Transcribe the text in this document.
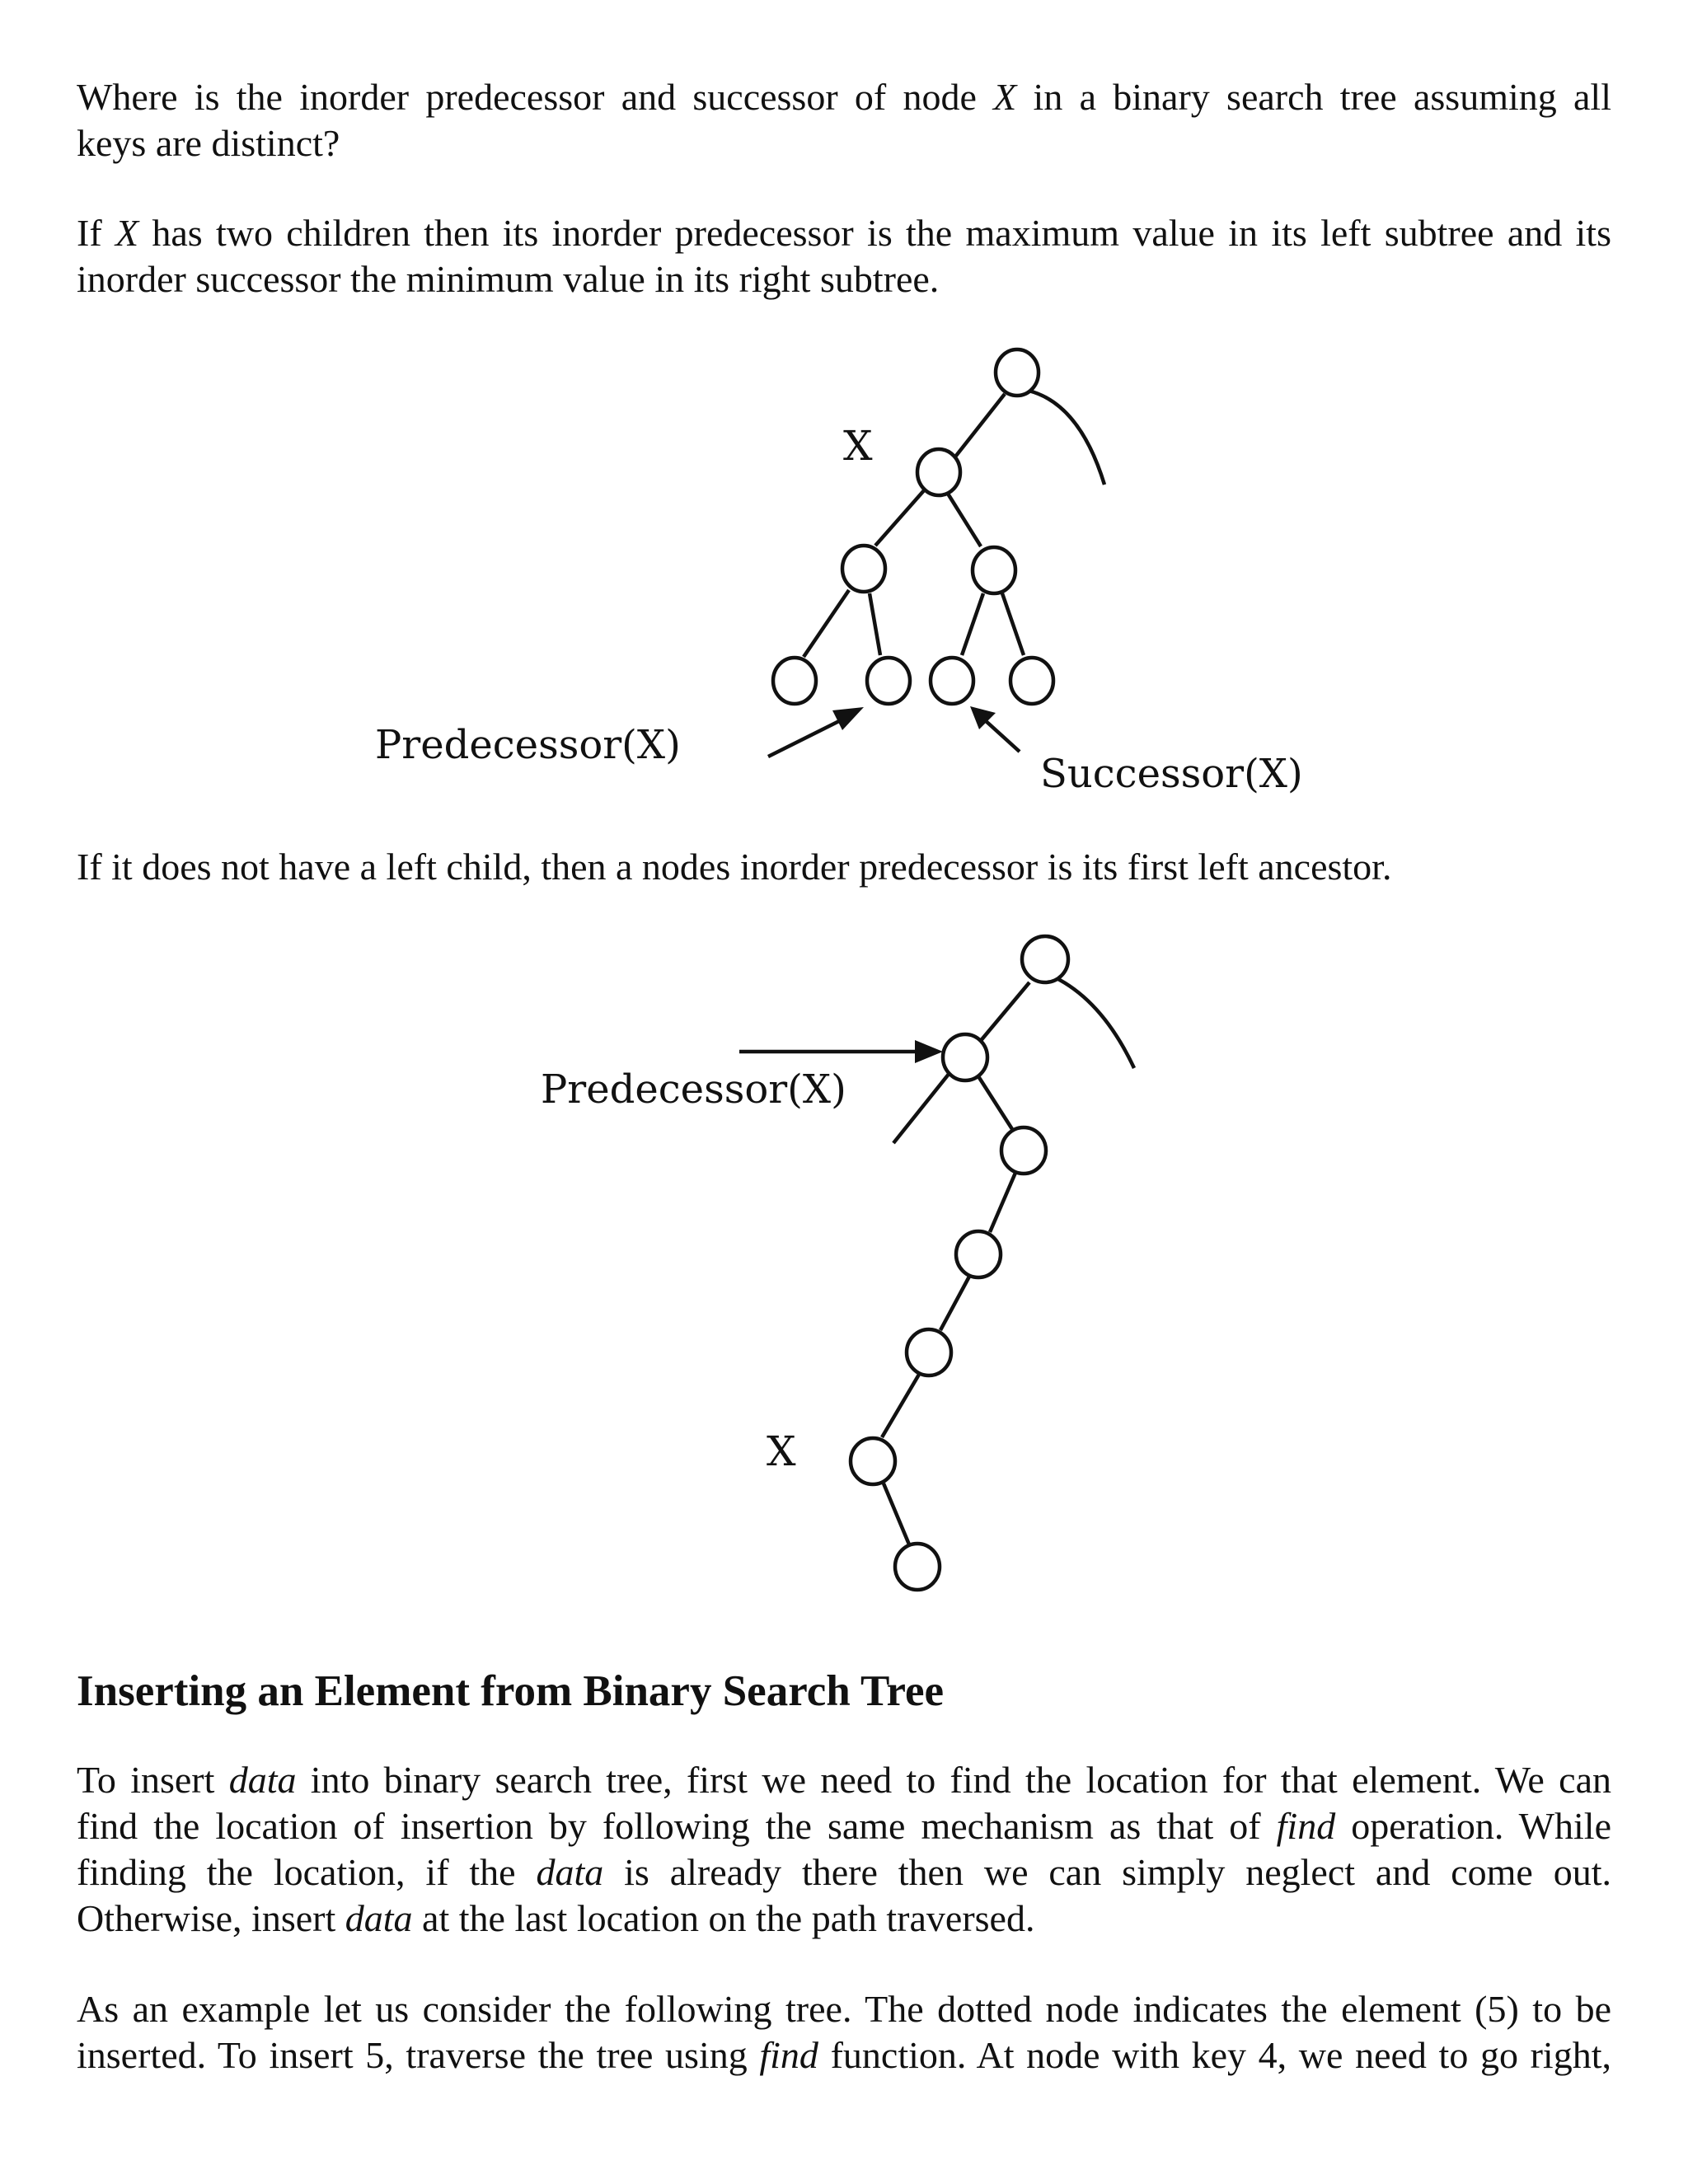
Where is the inorder predecessor and successor of node X in a binary search tree assuming all
keys are distinct?
If X has two children then its inorder predecessor is the maximum value in its left subtree and its
inorder successor the minimum value in its right subtree.
X
Predecessor(X)
Successor(X)
If it does not have a left child, then a nodes inorder predecessor is its first left ancestor.
Predecessor(X)
X
Inserting an Element from Binary Search Tree
To insert data into binary search tree, first we need to find the location for that element. We can
find the location of insertion by following the same mechanism as that of find operation. While
finding the location, if the data is already there then we can simply neglect and come out.
Otherwise, insert data at the last location on the path traversed.
As an example let us consider the following tree. The dotted node indicates the element (5) to be
inserted. To insert 5, traverse the tree using find function. At node with key 4, we need to go right,
